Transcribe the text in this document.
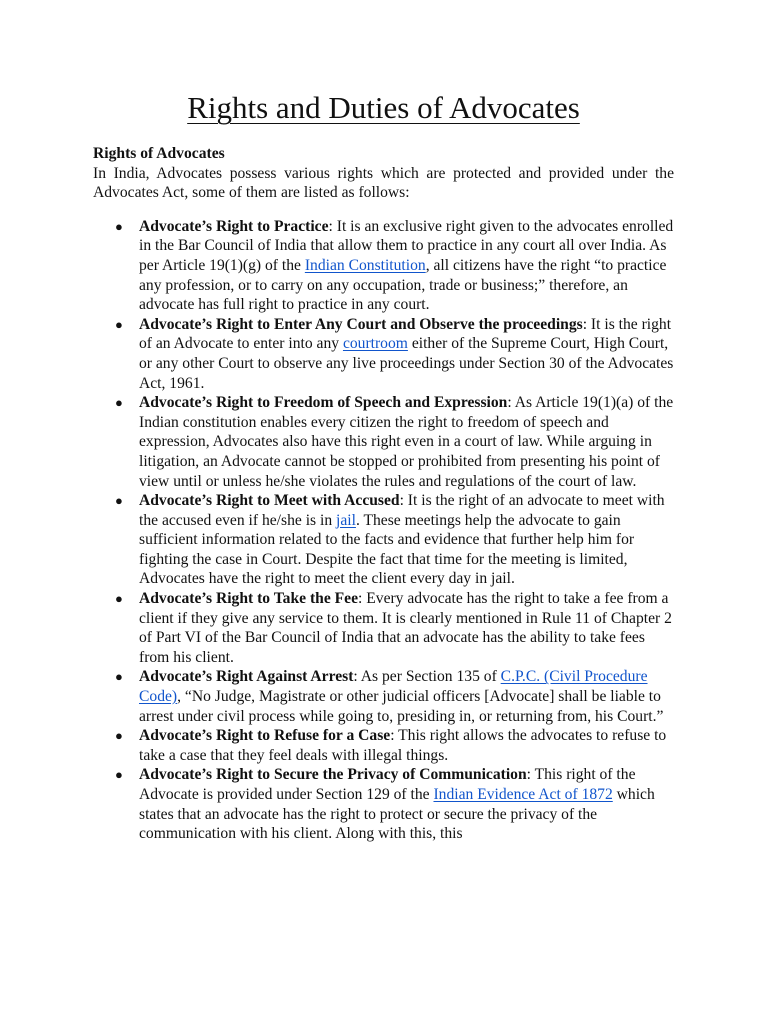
Rights and Duties of Advocates

Rights of Advocates

In India, Advocates possess various rights which are protected and provided under the Advocates Act, some of them are listed as follows:

● Advocate’s Right to Practice: It is an exclusive right given to the advocates enrolled in the Bar Council of India that allow them to practice in any court all over India. As per Article 19(1)(g) of the Indian Constitution, all citizens have the right “to practice any profession, or to carry on any occupation, trade or business;” therefore, an advocate has full right to practice in any court.
● Advocate’s Right to Enter Any Court and Observe the proceedings: It is the right of an Advocate to enter into any courtroom either of the Supreme Court, High Court, or any other Court to observe any live proceedings under Section 30 of the Advocates Act, 1961.
● Advocate’s Right to Freedom of Speech and Expression: As Article 19(1)(a) of the Indian constitution enables every citizen the right to freedom of speech and expression, Advocates also have this right even in a court of law. While arguing in litigation, an Advocate cannot be stopped or prohibited from presenting his point of view until or unless he/she violates the rules and regulations of the court of law.
● Advocate’s Right to Meet with Accused: It is the right of an advocate to meet with the accused even if he/she is in jail. These meetings help the advocate to gain sufficient information related to the facts and evidence that further help him for fighting the case in Court. Despite the fact that time for the meeting is limited, Advocates have the right to meet the client every day in jail.
● Advocate’s Right to Take the Fee: Every advocate has the right to take a fee from a client if they give any service to them. It is clearly mentioned in Rule 11 of Chapter 2 of Part VI of the Bar Council of India that an advocate has the ability to take fees from his client.
● Advocate’s Right Against Arrest: As per Section 135 of C.P.C. (Civil Procedure Code), “No Judge, Magistrate or other judicial officers [Advocate] shall be liable to arrest under civil process while going to, presiding in, or returning from, his Court.”
● Advocate’s Right to Refuse for a Case: This right allows the advocates to refuse to take a case that they feel deals with illegal things.
● Advocate’s Right to Secure the Privacy of Communication: This right of the Advocate is provided under Section 129 of the Indian Evidence Act of 1872 which states that an advocate has the right to protect or secure the privacy of the communication with his client. Along with this, this
